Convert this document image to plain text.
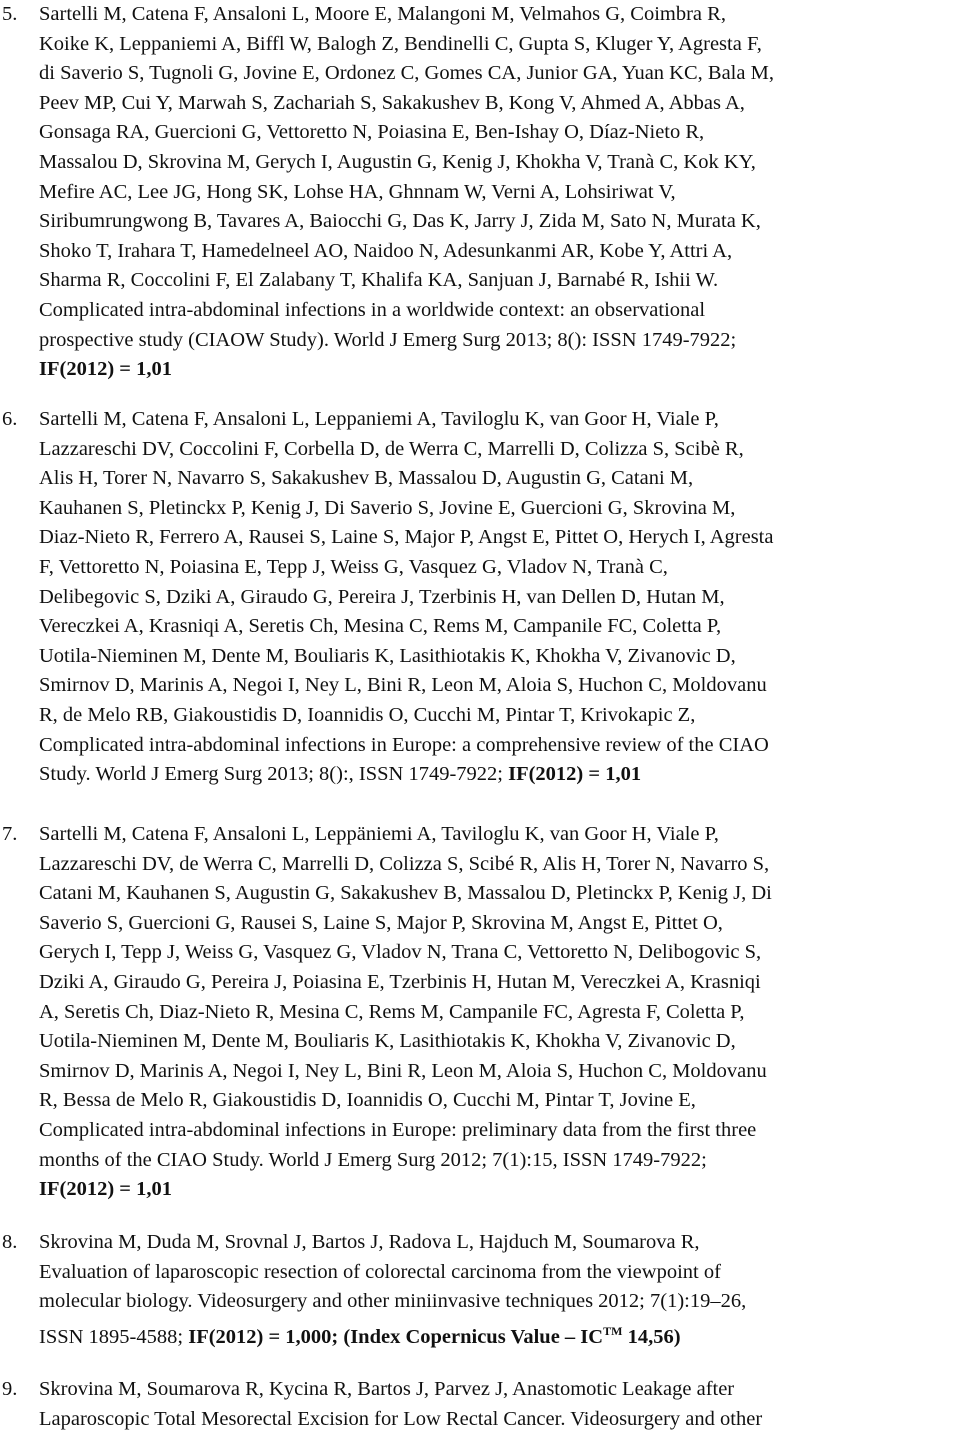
5. Sartelli M, Catena F, Ansaloni L, Moore E, Malangoni M, Velmahos G, Coimbra R,
Koike K, Leppaniemi A, Biffl W, Balogh Z, Bendinelli C, Gupta S, Kluger Y, Agresta F,
di Saverio S, Tugnoli G, Jovine E, Ordonez C, Gomes CA, Junior GA, Yuan KC, Bala M,
Peev MP, Cui Y, Marwah S, Zachariah S, Sakakushev B, Kong V, Ahmed A, Abbas A,
Gonsaga RA, Guercioni G, Vettoretto N, Poiasina E, Ben-Ishay O, Díaz-Nieto R,
Massalou D, Skrovina M, Gerych I, Augustin G, Kenig J, Khokha V, Tranà C, Kok KY,
Mefire AC, Lee JG, Hong SK, Lohse HA, Ghnnam W, Verni A, Lohsiriwat V,
Siribumrungwong B, Tavares A, Baiocchi G, Das K, Jarry J, Zida M, Sato N, Murata K,
Shoko T, Irahara T, Hamedelneel AO, Naidoo N, Adesunkanmi AR, Kobe Y, Attri A,
Sharma R, Coccolini F, El Zalabany T, Khalifa KA, Sanjuan J, Barnabé R, Ishii W.
Complicated intra-abdominal infections in a worldwide context: an observational
prospective study (CIAOW Study). World J Emerg Surg 2013; 8(): ISSN 1749-7922;
IF(2012) = 1,01
6. Sartelli M, Catena F, Ansaloni L, Leppaniemi A, Taviloglu K, van Goor H, Viale P,
Lazzareschi DV, Coccolini F, Corbella D, de Werra C, Marrelli D, Colizza S, Scibè R,
Alis H, Torer N, Navarro S, Sakakushev B, Massalou D, Augustin G, Catani M,
Kauhanen S, Pletinckx P, Kenig J, Di Saverio S, Jovine E, Guercioni G, Skrovina M,
Diaz-Nieto R, Ferrero A, Rausei S, Laine S, Major P, Angst E, Pittet O, Herych I, Agresta
F, Vettoretto N, Poiasina E, Tepp J, Weiss G, Vasquez G, Vladov N, Tranà C,
Delibegovic S, Dziki A, Giraudo G, Pereira J, Tzerbinis H, van Dellen D, Hutan M,
Vereczkei A, Krasniqi A, Seretis Ch, Mesina C, Rems M, Campanile FC, Coletta P,
Uotila-Nieminen M, Dente M, Bouliaris K, Lasithiotakis K, Khokha V, Zivanovic D,
Smirnov D, Marinis A, Negoi I, Ney L, Bini R, Leon M, Aloia S, Huchon C, Moldovanu
R, de Melo RB, Giakoustidis D, Ioannidis O, Cucchi M, Pintar T, Krivokapic Z,
Complicated intra-abdominal infections in Europe: a comprehensive review of the CIAO
Study. World J Emerg Surg 2013; 8():, ISSN 1749-7922; IF(2012) = 1,01
7. Sartelli M, Catena F, Ansaloni L, Leppäniemi A, Taviloglu K, van Goor H, Viale P,
Lazzareschi DV, de Werra C, Marrelli D, Colizza S, Scibé R, Alis H, Torer N, Navarro S,
Catani M, Kauhanen S, Augustin G, Sakakushev B, Massalou D, Pletinckx P, Kenig J, Di
Saverio S, Guercioni G, Rausei S, Laine S, Major P, Skrovina M, Angst E, Pittet O,
Gerych I, Tepp J, Weiss G, Vasquez G, Vladov N, Trana C, Vettoretto N, Delibogovic S,
Dziki A, Giraudo G, Pereira J, Poiasina E, Tzerbinis H, Hutan M, Vereczkei A, Krasniqi
A, Seretis Ch, Diaz-Nieto R, Mesina C, Rems M, Campanile FC, Agresta F, Coletta P,
Uotila-Nieminen M, Dente M, Bouliaris K, Lasithiotakis K, Khokha V, Zivanovic D,
Smirnov D, Marinis A, Negoi I, Ney L, Bini R, Leon M, Aloia S, Huchon C, Moldovanu
R, Bessa de Melo R, Giakoustidis D, Ioannidis O, Cucchi M, Pintar T, Jovine E,
Complicated intra-abdominal infections in Europe: preliminary data from the first three
months of the CIAO Study. World J Emerg Surg 2012; 7(1):15, ISSN 1749-7922;
IF(2012) = 1,01
8. Skrovina M, Duda M, Srovnal J, Bartos J, Radova L, Hajduch M, Soumarova R,
Evaluation of laparoscopic resection of colorectal carcinoma from the viewpoint of
molecular biology. Videosurgery and other miniinvasive techniques 2012; 7(1):19–26,
ISSN 1895-4588; IF(2012) = 1,000; (Index Copernicus Value – IC™ 14,56)
9. Skrovina M, Soumarova R, Kycina R, Bartos J, Parvez J, Anastomotic Leakage after
Laparoscopic Total Mesorectal Excision for Low Rectal Cancer. Videosurgery and other
